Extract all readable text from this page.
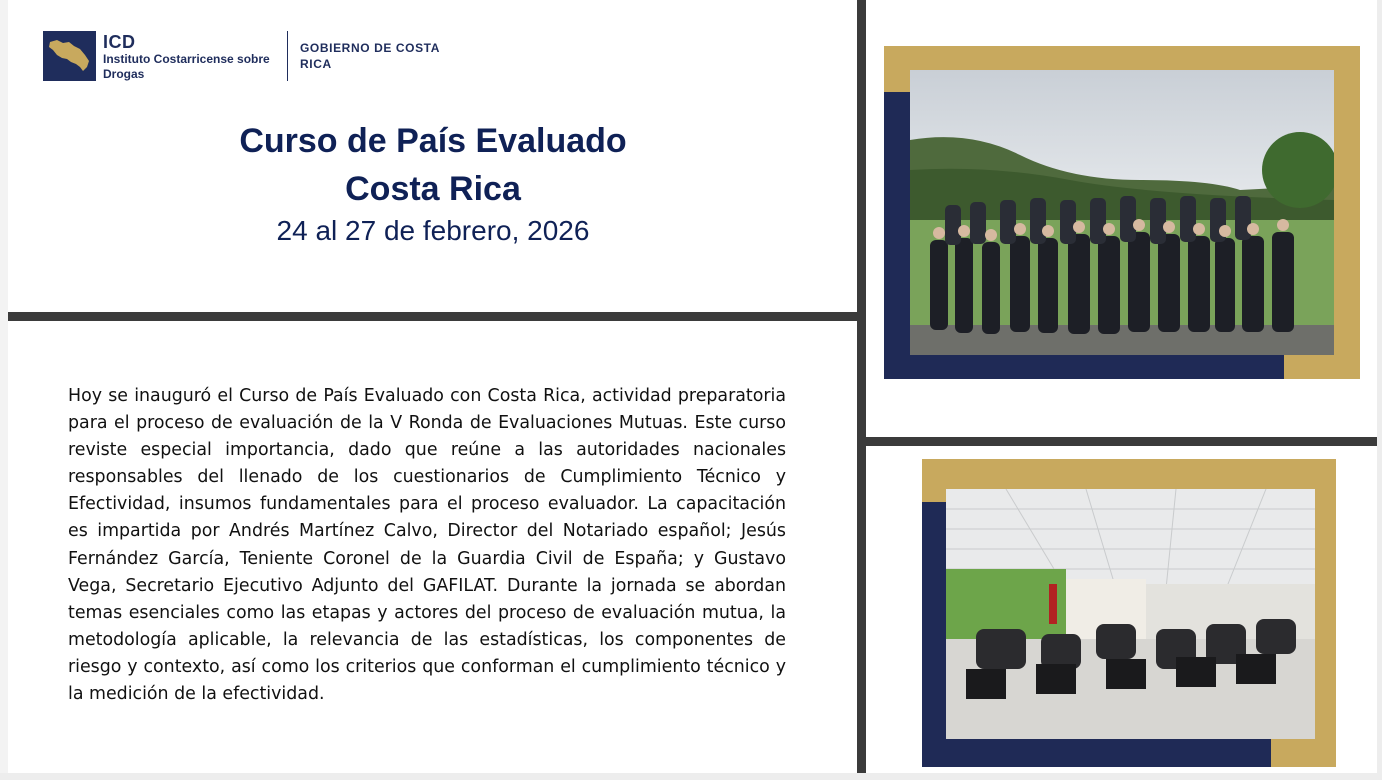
ICD
Instituto Costarricense sobre Drogas
GOBIERNO DE COSTA RICA
Curso de País Evaluado
Costa Rica
24 al 27 de febrero, 2026
Hoy se inauguró el Curso de País Evaluado con Costa Rica, actividad preparatoria para el proceso de evaluación de la V Ronda de Evaluaciones Mutuas. Este curso reviste especial importancia, dado que reúne a las autoridades nacionales responsables del llenado de los cuestionarios de Cumplimiento Técnico y Efectividad, insumos fundamentales para el proceso evaluador. La capacitación es impartida por Andrés Martínez Calvo, Director del Notariado español; Jesús Fernández García, Teniente Coronel de la Guardia Civil de España; y Gustavo Vega, Secretario Ejecutivo Adjunto del GAFILAT. Durante la jornada se abordan temas esenciales como las etapas y actores del proceso de evaluación mutua, la metodología aplicable, la relevancia de las estadísticas, los componentes de riesgo y contexto, así como los criterios que conforman el cumplimiento técnico y la medición de la efectividad.
